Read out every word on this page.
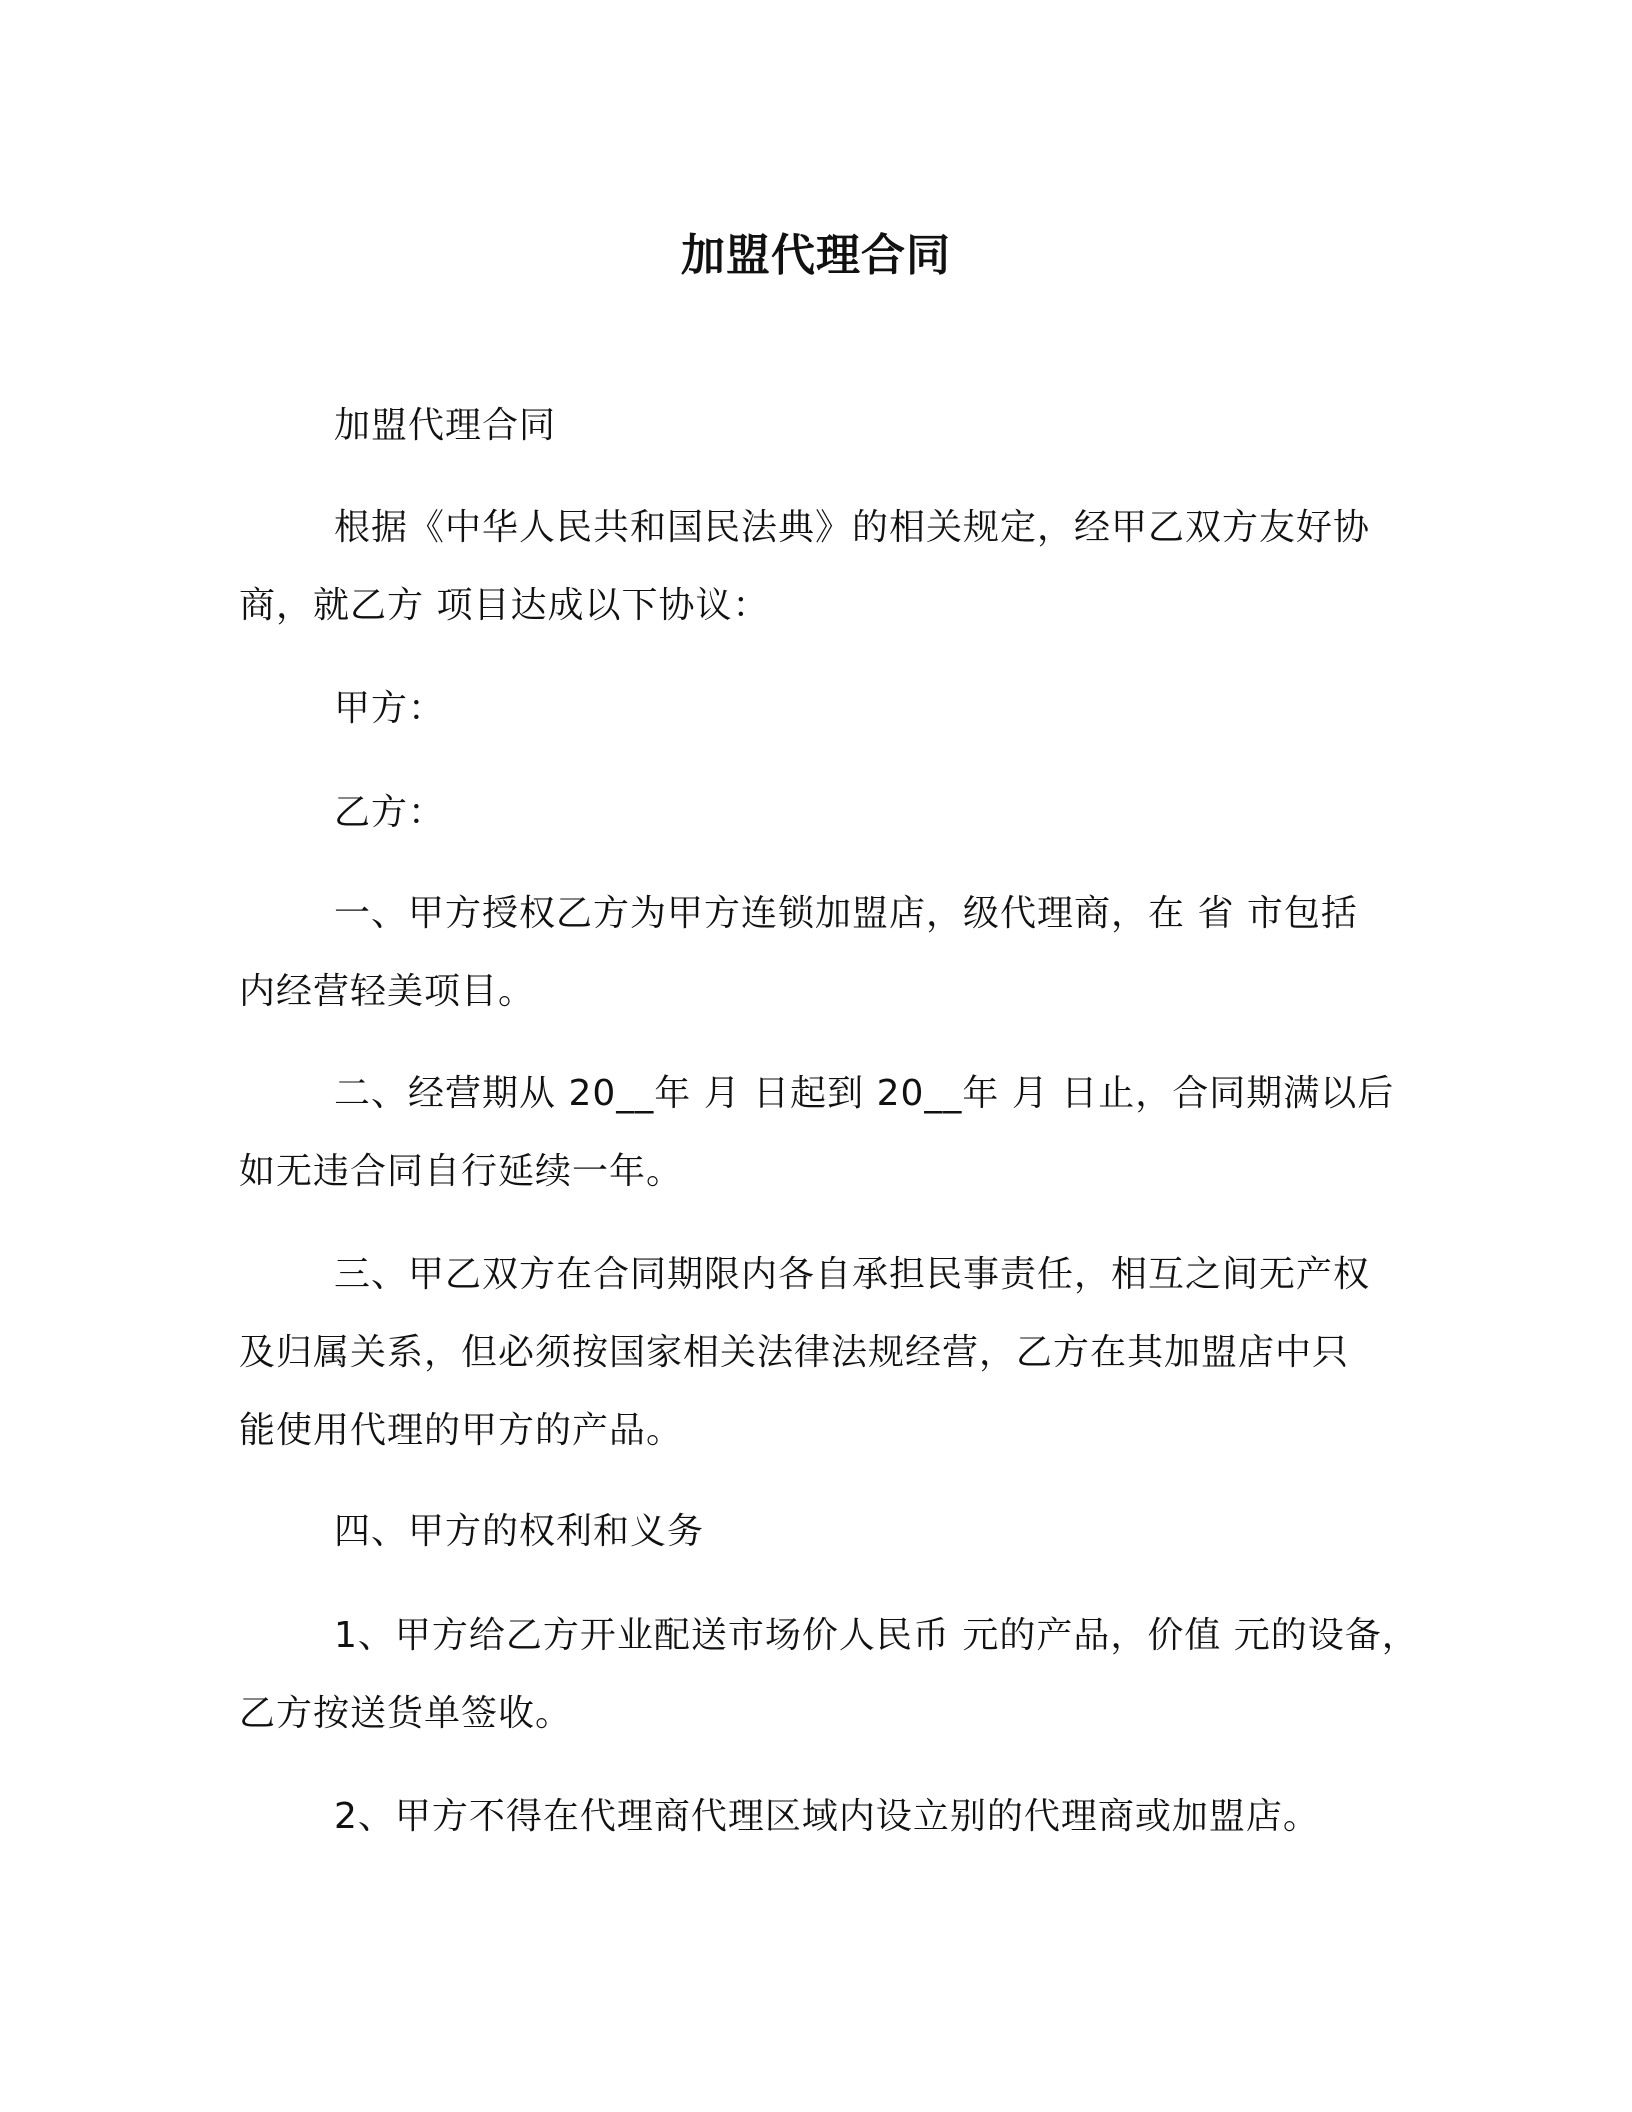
加盟代理合同
加盟代理合同
根据《中华人民共和国民法典》的相关规定，经甲乙双方友好协
商，就乙方 项目达成以下协议：
甲方：
乙方：
一、甲方授权乙方为甲方连锁加盟店，级代理商，在 省 市包括
内经营轻美项目。
二、经营期从 20__年 月 日起到 20__年 月 日止，合同期满以后
如无违合同自行延续一年。
三、甲乙双方在合同期限内各自承担民事责任，相互之间无产权
及归属关系，但必须按国家相关法律法规经营，乙方在其加盟店中只
能使用代理的甲方的产品。
四、甲方的权利和义务
1、甲方给乙方开业配送市场价人民币 元的产品，价值 元的设备，
乙方按送货单签收。
2、甲方不得在代理商代理区域内设立别的代理商或加盟店。
